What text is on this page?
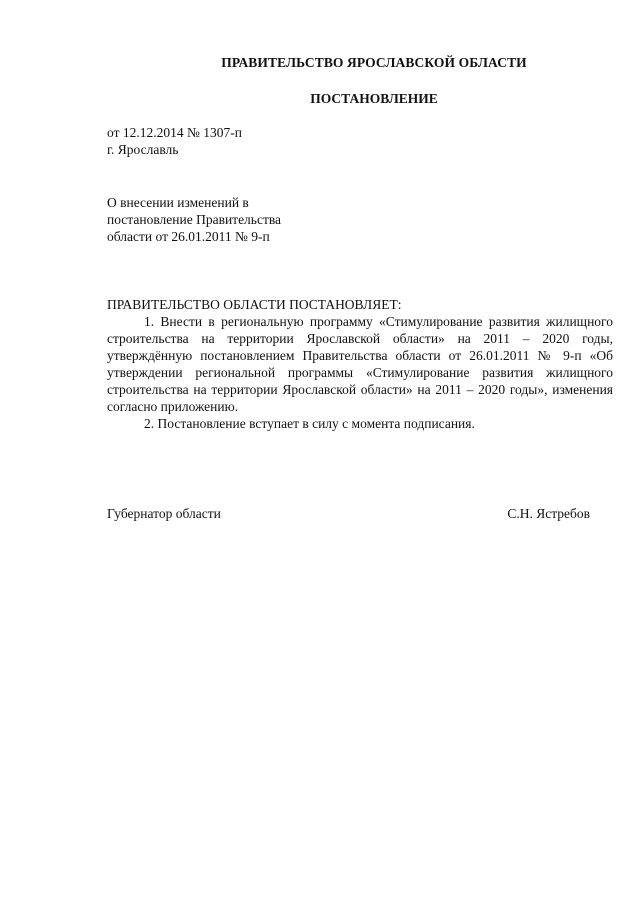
ПРАВИТЕЛЬСТВО ЯРОСЛАВСКОЙ ОБЛАСТИ
ПОСТАНОВЛЕНИЕ
от 12.12.2014 № 1307-п
г. Ярославль
О внесении изменений в
постановление Правительства
области от 26.01.2011 № 9-п
ПРАВИТЕЛЬСТВО ОБЛАСТИ ПОСТАНОВЛЯЕТ:
1. Внести в региональную программу «Стимулирование развития жилищного строительства на территории Ярославской области» на 2011 – 2020 годы, утверждённую постановлением Правительства области от 26.01.2011 № 9-п «Об утверждении региональной программы «Стимулирование развития жилищного строительства на территории Ярославской области» на 2011 – 2020 годы», изменения согласно приложению.
2. Постановление вступает в силу с момента подписания.
Губернатор области	С.Н. Ястребов
